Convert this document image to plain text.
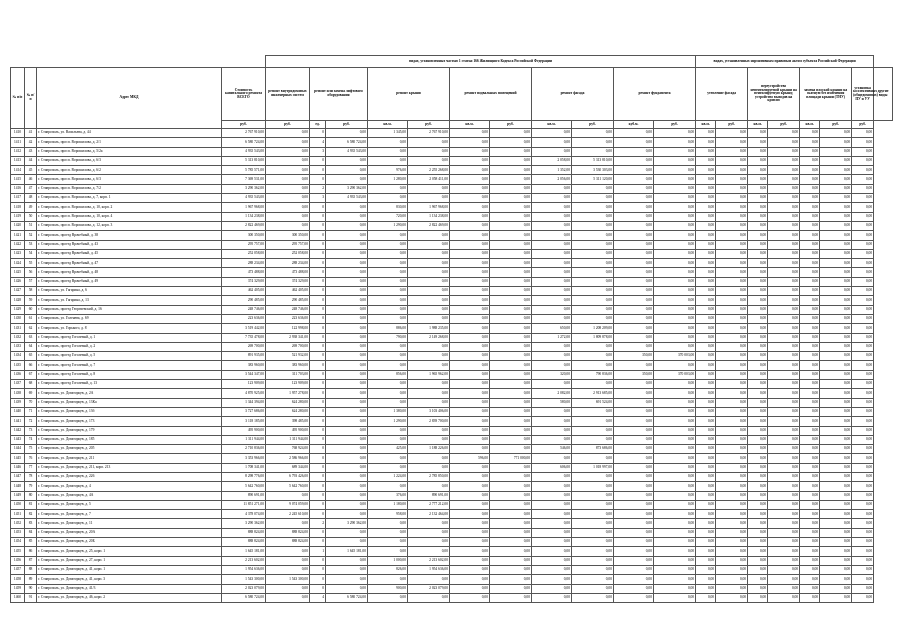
				видах, установленных частью 1 статьи 166 Жилищного Кодекса Российской Федерации											видах, установленных нормативным правовым актом субъекта Российской Федерации							
№ п/п	№ п/п	Адрес МКД	Стоимость капитального ремонта ВСЕГО	ремонт внутридомовых инженерных систем	ремонт или замена лифтового оборудования		ремонт крыши		ремонт подвальных помещений		ремонт фасада		ремонт фундамента		утепление фасада		переустройство невентилируемой крыши на вентилируемую крышу, устройство выходов на кровлю		замена плоской крыши на скатную без изменения площади крыши (ТНУ)		установка коллективных (общедомовых) ПУ и УУ	другие виды
			руб.	руб.	ед.	руб.	кв.м.	руб.	кв.м.	руб.	кв.м.	руб.	куб.м.	руб.	кв.м.	руб.	кв.м.	руб.	кв.м.	руб.	руб.	
1410	41	г. Ставрополь, ул. Васильева, д. 44	2 767 910,00	0,00	0	0,00	1 345,00	2 767 910,00	0,00	0,00	0,00	0,00	0,00	0,00	0,00	0,00	0,00	0,00	0,00	0,00	0,00	
1411	42	г. Ставрополь, просп. Ворошилова, д. 2/1	6 580 724,00	0,00	4	6 580 724,00	0,00	0,00	0,00	0,00	0,00	0,00	0,00	0,00	0,00	0,00	0,00	0,00	0,00	0,00	0,00	
1412	43	г. Ставрополь, просп. Ворошилова, д. 5/2а	4 935 543,00	0,00	3	4 935 543,00	0,00	0,00	0,00	0,00	0,00	0,00	0,00	0,00	0,00	0,00	0,00	0,00	0,00	0,00	0,00	
1413	44	г. Ставрополь, просп. Ворошилова, д. 6/3	5 313 810,00	0,00	0	0,00	0,00	0,00	0,00	0,00	2 058,00	5 313 810,00	0,00	0,00	0,00	0,00	0,00	0,00	0,00	0,00	0,00	
1414	45	г. Ставрополь, просп. Ворошилова, д. 6/2	5 785 571,00	0,00	0	0,00	976,00	2 255 268,00	0,00	0,00	1 352,00	3 530 303,00	0,00	0,00	0,00	0,00	0,00	0,00	0,00	0,00	0,00	
1415	46	г. Ставрополь, просп. Ворошилова, д. 6/3	7 369 531,00	0,00	0	0,00	1 280,00	2 058 411,00	0,00	0,00	2 056,00	5 311 120,00	0,00	0,00	0,00	0,00	0,00	0,00	0,00	0,00	0,00	
1416	47	г. Ставрополь, просп. Ворошилова, д. 7/2	3 290 362,00	0,00	2	3 290 362,00	0,00	0,00	0,00	0,00	0,00	0,00	0,00	0,00	0,00	0,00	0,00	0,00	0,00	0,00	0,00	
1417	48	г. Ставрополь, просп. Ворошилова, д. 7, корп. 1	4 935 543,00	0,00	3	4 935 543,00	0,00	0,00	0,00	0,00	0,00	0,00	0,00	0,00	0,00	0,00	0,00	0,00	0,00	0,00	0,00	
1418	49	г. Ставрополь, просп. Ворошилова, д. 10, корп. 2	1 967 968,00	0,00	0	0,00	830,00	1 967 968,00	0,00	0,00	0,00	0,00	0,00	0,00	0,00	0,00	0,00	0,00	0,00	0,00	0,00	
1419	50	г. Ставрополь, просп. Ворошилова, д. 10, корп. 4	1 134 238,00	0,00	0	0,00	720,00	1 134 238,00	0,00	0,00	0,00	0,00	0,00	0,00	0,00	0,00	0,00	0,00	0,00	0,00	0,00	
1420	51	г. Ставрополь, просп. Ворошилова, д. 12, корп. 3	2 822 469,00	0,00	0	0,00	1 290,00	2 822 469,00	0,00	0,00	0,00	0,00	0,00	0,00	0,00	0,00	0,00	0,00	0,00	0,00	0,00	
1421	52	г. Ставрополь, проезд Врачебный, д. 38	300 350,00	300 350,00	0	0,00	0,00	0,00	0,00	0,00	0,00	0,00	0,00	0,00	0,00	0,00	0,00	0,00	0,00	0,00	0,00	
1422	53	г. Ставрополь, проезд Врачебный, д. 43	295 757,00	295 757,00	0	0,00	0,00	0,00	0,00	0,00	0,00	0,00	0,00	0,00	0,00	0,00	0,00	0,00	0,00	0,00	0,00	
1423	54	г. Ставрополь, проезд Врачебный, д. 45	252 058,00	252 058,00	0	0,00	0,00	0,00	0,00	0,00	0,00	0,00	0,00	0,00	0,00	0,00	0,00	0,00	0,00	0,00	0,00	
1424	55	г. Ставрополь, проезд Врачебный, д. 47	288 234,00	288 234,00	0	0,00	0,00	0,00	0,00	0,00	0,00	0,00	0,00	0,00	0,00	0,00	0,00	0,00	0,00	0,00	0,00	
1425	56	г. Ставрополь, проезд Врачебный, д. 48	473 488,00	473 488,00	0	0,00	0,00	0,00	0,00	0,00	0,00	0,00	0,00	0,00	0,00	0,00	0,00	0,00	0,00	0,00	0,00	
1426	57	г. Ставрополь, проезд Врачебный, д. 49	374 329,00	374 329,00	0	0,00	0,00	0,00	0,00	0,00	0,00	0,00	0,00	0,00	0,00	0,00	0,00	0,00	0,00	0,00	0,00	
1427	58	г. Ставрополь, ул. Гагарина, д. 6	462 405,00	462 405,00	0	0,00	0,00	0,00	0,00	0,00	0,00	0,00	0,00	0,00	0,00	0,00	0,00	0,00	0,00	0,00	0,00	
1428	59	г. Ставрополь, ул. Гагарина, д. 13	290 485,00	290 485,00	0	0,00	0,00	0,00	0,00	0,00	0,00	0,00	0,00	0,00	0,00	0,00	0,00	0,00	0,00	0,00	0,00	
1429	60	г. Ставрополь, проезд Георгиевский, д. 16	248 746,00	248 746,00	0	0,00	0,00	0,00	0,00	0,00	0,00	0,00	0,00	0,00	0,00	0,00	0,00	0,00	0,00	0,00	0,00	
1430	61	г. Ставрополь, ул. Голенева, д. 69	223 636,00	223 636,00	0	0,00	0,00	0,00	0,00	0,00	0,00	0,00	0,00	0,00	0,00	0,00	0,00	0,00	0,00	0,00	0,00	
1431	62	г. Ставрополь, ул. Горького, д. 8	3 519 442,00	122 998,00	0	0,00	886,00	1 988 235,00	0,00	0,00	650,00	1 208 209,00	0,00	0,00	0,00	0,00	0,00	0,00	0,00	0,00	0,00	
1432	63	г. Ставрополь, проезд Гоголевый, д. 1	7 735 478,00	2 938 341,00	0	0,00	790,00	2 149 268,00	0,00	0,00	1 272,00	1 809 878,00	0,00	0,00	0,00	0,00	0,00	0,00	0,00	0,00	0,00	
1433	64	г. Ставрополь, проезд Гоголевый, д. 2	269 700,00	269 700,00	0	0,00	0,00	0,00	0,00	0,00	0,00	0,00	0,00	0,00	0,00	0,00	0,00	0,00	0,00	0,00	0,00	
1434	65	г. Ставрополь, проезд Гоголевый, д. 5	891 935,00	521 932,00	0	0,00	0,00	0,00	0,00	0,00	0,00	0,00	350,00	370 003,00	0,00	0,00	0,00	0,00	0,00	0,00	0,00	
1435	66	г. Ставрополь, проезд Гоголевый, д. 7	383 960,00	383 960,00	0	0,00	0,00	0,00	0,00	0,00	0,00	0,00	0,00	0,00	0,00	0,00	0,00	0,00	0,00	0,00	0,00	
1436	67	г. Ставрополь, проезд Гоголевый, д. 8	3 544 347,00	311 703,00	0	0,00	856,00	1 965 962,00	0,00	0,00	320,00	790 836,00	350,00	370 003,00	0,00	0,00	0,00	0,00	0,00	0,00	0,00	
1437	68	г. Ставрополь, проезд Гоголевый, д. 13	123 909,00	123 909,00	0	0,00	0,00	0,00	0,00	0,00	0,00	0,00	0,00	0,00	0,00	0,00	0,00	0,00	0,00	0,00	0,00	
1438	69	г. Ставрополь, ул. Доваторцев, д. 2А	4 870 925,00	1 957 278,00	0	0,00	0,00	0,00	0,00	0,00	2 082,00	2 913 685,00	0,00	0,00	0,00	0,00	0,00	0,00	0,00	0,00	0,00	
1439	70	г. Ставрополь, ул. Доваторцев, д. 13Ка	1 344 394,00	624 280,00	0	0,00	0,00	0,00	0,00	0,00	580,00	691 524,00	0,00	0,00	0,00	0,00	0,00	0,00	0,00	0,00	0,00	
1440	71	г. Ставрополь, ул. Доваторцев, д. 13б	3 727 686,00	624 280,00	0	0,00	1 380,00	3 103 406,00	0,00	0,00	0,00	0,00	0,00	0,00	0,00	0,00	0,00	0,00	0,00	0,00	0,00	
1441	72	г. Ставрополь, ул. Доваторцев, д. 173	3 118 185,00	398 485,00	0	0,00	1 290,00	2 839 700,00	0,00	0,00	0,00	0,00	0,00	0,00	0,00	0,00	0,00	0,00	0,00	0,00	0,00	
1442	73	г. Ставрополь, ул. Доваторцев, д. 179	495 900,00	495 900,00	0	0,00	0,00	0,00	0,00	0,00	0,00	0,00	0,00	0,00	0,00	0,00	0,00	0,00	0,00	0,00	0,00	
1443	74	г. Ставрополь, ул. Доваторцев, д. 185	1 311 944,00	1 311 944,00	0	0,00	0,00	0,00	0,00	0,00	0,00	0,00	0,00	0,00	0,00	0,00	0,00	0,00	0,00	0,00	0,00	
1444	75	г. Ставрополь, ул. Доваторцев, д. 205	2 710 836,00	768 924,00	0	0,00	425,00	1 188 226,00	0,00	0,00	546,00	873 686,00	0,00	0,00	0,00	0,00	0,00	0,00	0,00	0,00	0,00	
1445	76	г. Ставрополь, ул. Доваторцев, д. 211	3 353 966,00	2 586 966,00	0	0,00	0,00	0,00	596,00	771 000,00	0,00	0,00	0,00	0,00	0,00	0,00	0,00	0,00	0,00	0,00	0,00	
1446	77	г. Ставрополь, ул. Доваторцев, д. 211, корп. 213	1 708 341,00	689 344,00	0	0,00	0,00	0,00	0,00	0,00	606,00	1 018 997,00	0,00	0,00	0,00	0,00	0,00	0,00	0,00	0,00	0,00	
1447	78	г. Ставрополь, ул. Доваторцев, д. 226	8 298 776,00	6 793 426,00	0	0,00	1 224,00	2 785 850,00	0,00	0,00	0,00	0,00	0,00	0,00	0,00	0,00	0,00	0,00	0,00	0,00	0,00	
1448	79	г. Ставрополь, ул. Доваторцев, д. 4	5 642 760,00	5 642 760,00	0	0,00	0,00	0,00	0,00	0,00	0,00	0,00	0,00	0,00	0,00	0,00	0,00	0,00	0,00	0,00	0,00	
1449	80	г. Ставрополь, ул. Доваторцев, д. 4А	890 691,00	0,00	0	0,00	376,00	890 691,00	0,00	0,00	0,00	0,00	0,00	0,00	0,00	0,00	0,00	0,00	0,00	0,00	0,00	
1450	81	г. Ставрополь, ул. Доваторцев, д. 5	11 851 271,00	9 074 059,00	0	0,00	1 180,00	2 777 212,00	0,00	0,00	0,00	0,00	0,00	0,00	0,00	0,00	0,00	0,00	0,00	0,00	0,00	
1451	82	г. Ставрополь, ул. Доваторцев, д. 7	4 378 074,00	2 245 610,00	0	0,00	958,00	2 132 464,00	0,00	0,00	0,00	0,00	0,00	0,00	0,00	0,00	0,00	0,00	0,00	0,00	0,00	
1452	83	г. Ставрополь, ул. Доваторцев, д. 11	3 290 362,00	0,00	2	3 290 362,00	0,00	0,00	0,00	0,00	0,00	0,00	0,00	0,00	0,00	0,00	0,00	0,00	0,00	0,00	0,00	
1453	84	г. Ставрополь, ул. Доваторцев, д. 20А	888 824,00	888 824,00	0	0,00	0,00	0,00	0,00	0,00	0,00	0,00	0,00	0,00	0,00	0,00	0,00	0,00	0,00	0,00	0,00	
1454	85	г. Ставрополь, ул. Доваторцев, д. 20Б	888 824,00	888 824,00	0	0,00	0,00	0,00	0,00	0,00	0,00	0,00	0,00	0,00	0,00	0,00	0,00	0,00	0,00	0,00	0,00	
1455	86	г. Ставрополь, ул. Доваторцев, д. 25, корп. 1	1 645 181,00	0,00	1	1 645 181,00	0,00	0,00	0,00	0,00	0,00	0,00	0,00	0,00	0,00	0,00	0,00	0,00	0,00	0,00	0,00	
1456	87	г. Ставрополь, ул. Доваторцев, д. 27, корп. 1	2 213 602,00	0,00	0	0,00	1 000,00	2 213 602,00	0,00	0,00	0,00	0,00	0,00	0,00	0,00	0,00	0,00	0,00	0,00	0,00	0,00	
1457	88	г. Ставрополь, ул. Доваторцев, д. 41, корп. 1	1 954 636,00	0,00	0	0,00	826,00	1 954 636,00	0,00	0,00	0,00	0,00	0,00	0,00	0,00	0,00	0,00	0,00	0,00	0,00	0,00	
1458	89	г. Ставрополь, ул. Доваторцев, д. 41, корп. 3	1 543 300,00	1 543 300,00	0	0,00	0,00	0,00	0,00	0,00	0,00	0,00	0,00	0,00	0,00	0,00	0,00	0,00	0,00	0,00	0,00	
1459	90	г. Ставрополь, ул. Доваторцев, д. 41/3	2 023 079,00	0,00	0	0,00	900,00	2 023 079,00	0,00	0,00	0,00	0,00	0,00	0,00	0,00	0,00	0,00	0,00	0,00	0,00	0,00	
1460	91	г. Ставрополь, ул. Доваторцев, д. 46, корп. 2	6 580 724,00	0,00	4	6 580 724,00	0,00	0,00	0,00	0,00	0,00	0,00	0,00	0,00	0,00	0,00	0,00	0,00	0,00	0,00	0,00	
